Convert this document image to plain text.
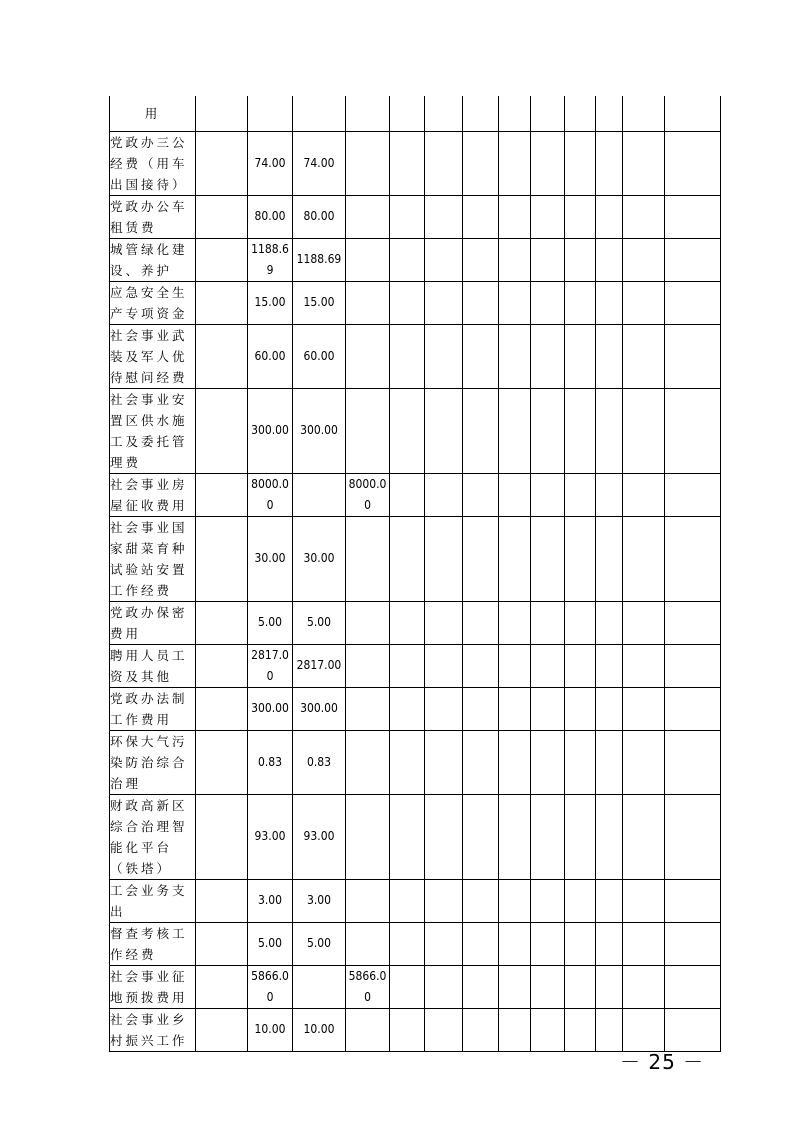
用													
党政办三公经费（用车出国接待）		74.00	74.00										
党政办公车租赁费		80.00	80.00										
城管绿化建设、养护		1188.69	1188.69										
应急安全生产专项资金		15.00	15.00										
社会事业武装及军人优待慰问经费		60.00	60.00										
社会事业安置区供水施工及委托管理费		300.00	300.00										
社会事业房屋征收费用		8000.00		8000.00									
社会事业国家甜菜育种试验站安置工作经费		30.00	30.00										
党政办保密费用		5.00	5.00										
聘用人员工资及其他		2817.00	2817.00										
党政办法制工作费用		300.00	300.00										
环保大气污染防治综合治理		0.83	0.83										
财政高新区综合治理智能化平台（铁塔）		93.00	93.00										
工会业务支出		3.00	3.00										
督查考核工作经费		5.00	5.00										
社会事业征地预拨费用		5866.00		5866.00									
社会事业乡村振兴工作		10.00	10.00										
－ 25 －
